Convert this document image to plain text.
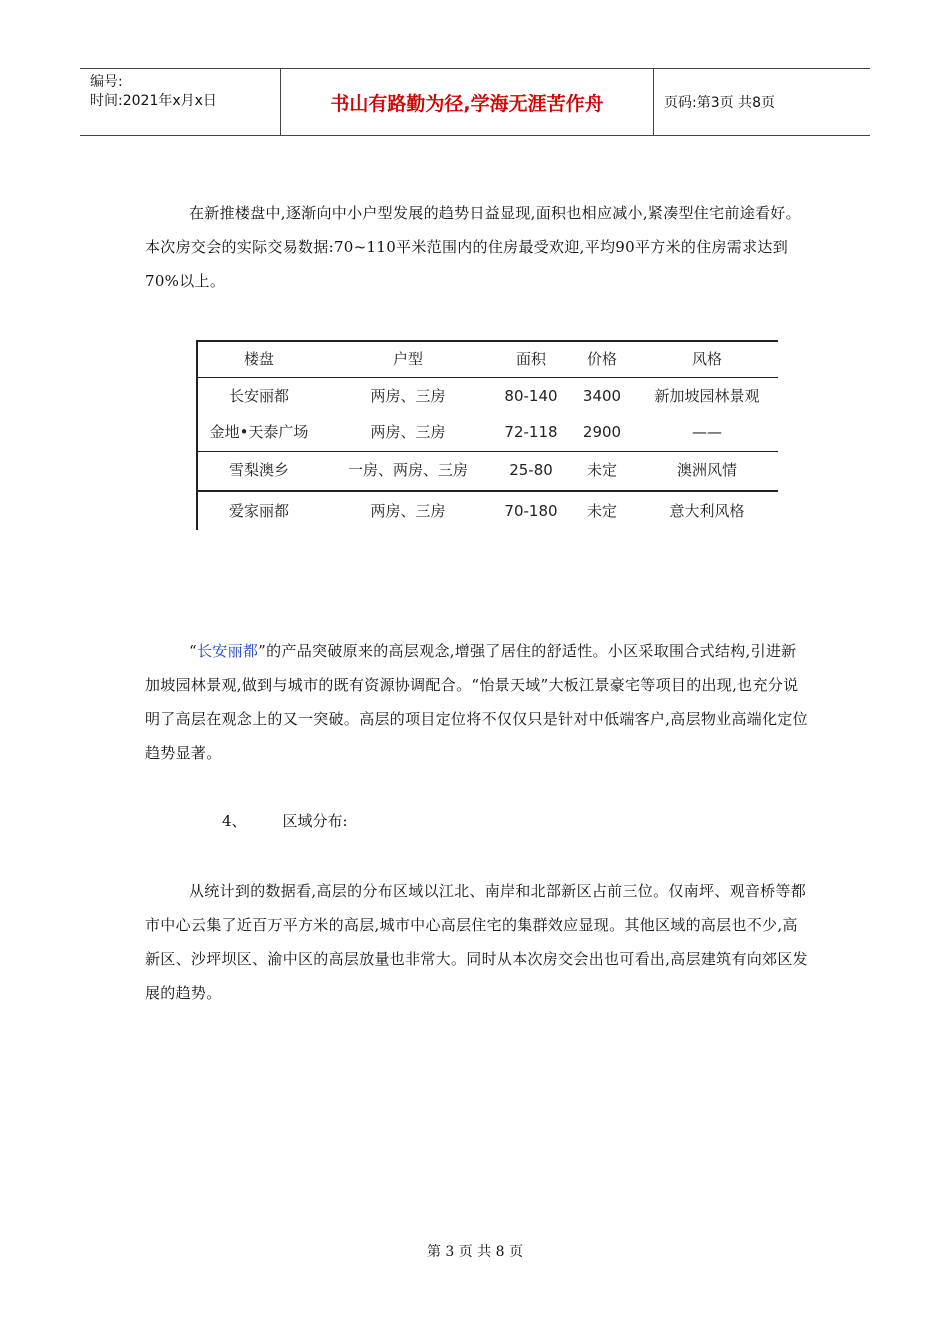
编号:
时间:2021年x月x日	书山有路勤为径,学海无涯苦作舟	页码:第3页 共8页

在新推楼盘中,逐渐向中小户型发展的趋势日益显现,面积也相应减小,紧凑型住宅前途看好。本次房交会的实际交易数据:70~110平米范围内的住房最受欢迎,平均90平方米的住房需求达到70%以上。

楼盘	户型	面积	价格	风格
长安丽都	两房、三房	80-140	3400	新加坡园林景观
金地•天泰广场	两房、三房	72-118	2900	——
雪梨澳乡	一房、两房、三房	25-80	未定	澳洲风情
爱家丽都	两房、三房	70-180	未定	意大利风格

“长安丽都”的产品突破原来的高层观念,增强了居住的舒适性。小区采取围合式结构,引进新加坡园林景观,做到与城市的既有资源协调配合。“怡景天域”大板江景豪宅等项目的出现,也充分说明了高层在观念上的又一突破。高层的项目定位将不仅仅只是针对中低端客户,高层物业高端化定位趋势显著。

4、 区域分布:

从统计到的数据看,高层的分布区域以江北、南岸和北部新区占前三位。仅南坪、观音桥等都市中心云集了近百万平方米的高层,城市中心高层住宅的集群效应显现。其他区域的高层也不少,高新区、沙坪坝区、渝中区的高层放量也非常大。同时从本次房交会出也可看出,高层建筑有向郊区发展的趋势。

第 3 页 共 8 页
